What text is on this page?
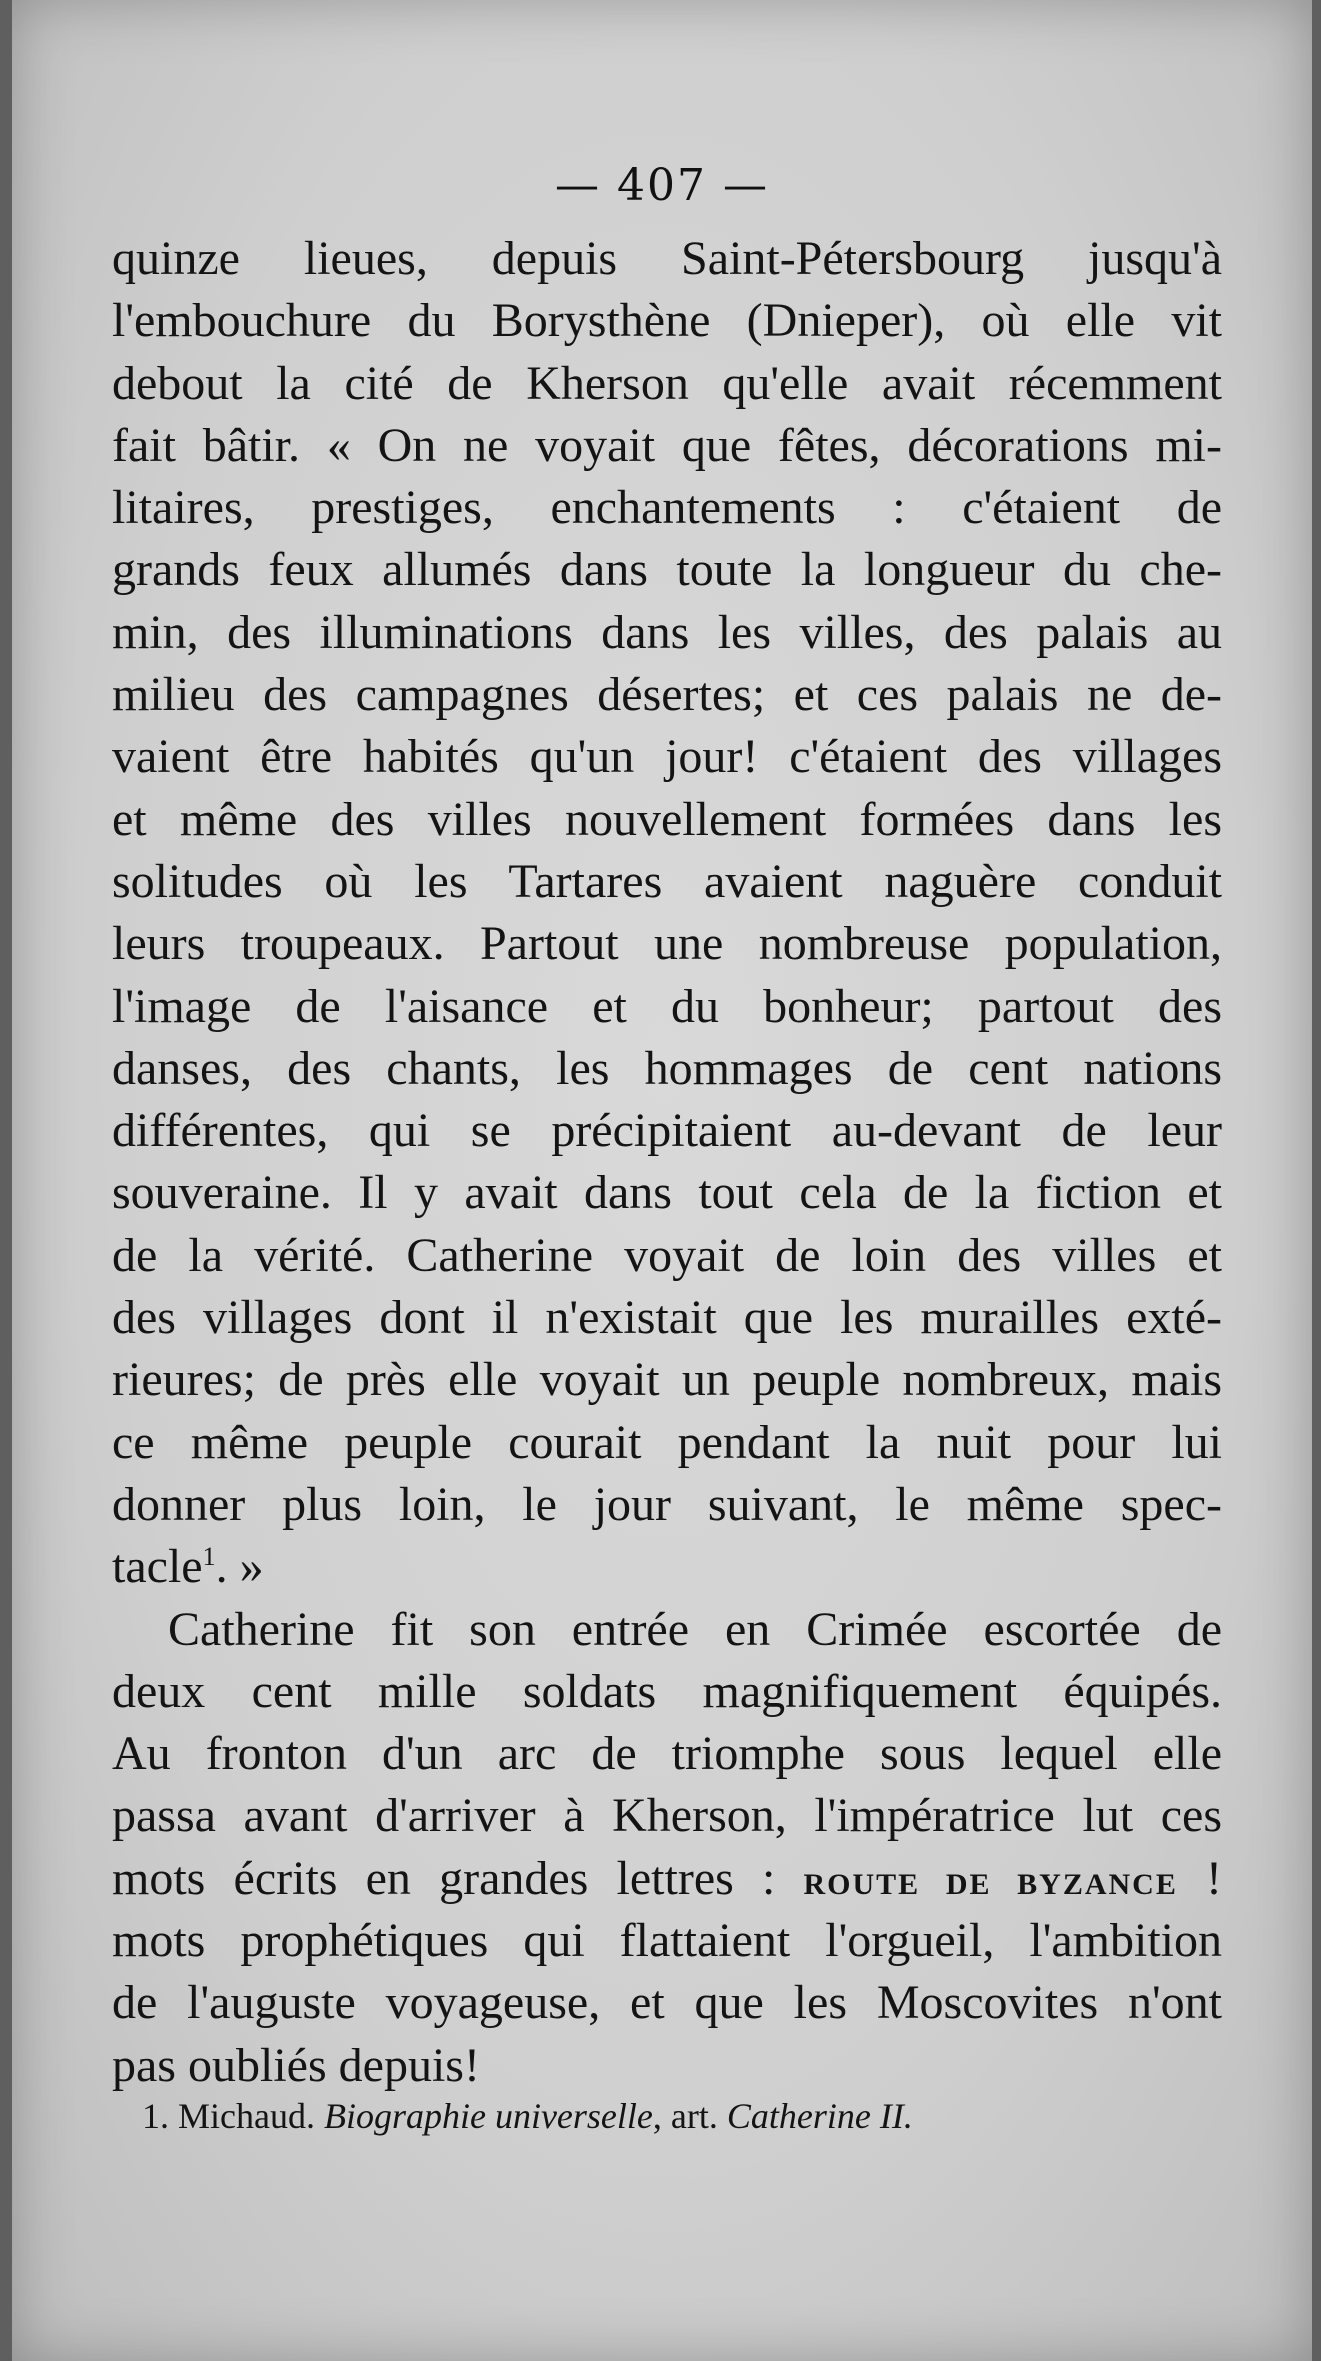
— 407 —
quinze lieues, depuis Saint-Pétersbourg jusqu'à
l'embouchure du Borysthène (Dnieper), où elle vit
debout la cité de Kherson qu'elle avait récemment
fait bâtir. « On ne voyait que fêtes, décorations mi-
litaires, prestiges, enchantements : c'étaient de
grands feux allumés dans toute la longueur du che-
min, des illuminations dans les villes, des palais au
milieu des campagnes désertes; et ces palais ne de-
vaient être habités qu'un jour! c'étaient des villages
et même des villes nouvellement formées dans les
solitudes où les Tartares avaient naguère conduit
leurs troupeaux. Partout une nombreuse population,
l'image de l'aisance et du bonheur; partout des
danses, des chants, les hommages de cent nations
différentes, qui se précipitaient au-devant de leur
souveraine. Il y avait dans tout cela de la fiction et
de la vérité. Catherine voyait de loin des villes et
des villages dont il n'existait que les murailles exté-
rieures; de près elle voyait un peuple nombreux, mais
ce même peuple courait pendant la nuit pour lui
donner plus loin, le jour suivant, le même spec-
tacle$^1$. »
Catherine fit son entrée en Crimée escortée de
deux cent mille soldats magnifiquement équipés.
Au fronton d'un arc de triomphe sous lequel elle
passa avant d'arriver à Kherson, l'impératrice lut ces
mots écrits en grandes lettres : ROUTE DE BYZANCE !
mots prophétiques qui flattaient l'orgueil, l'ambition
de l'auguste voyageuse, et que les Moscovites n'ont
pas oubliés depuis!
1. Michaud. Biographie universelle, art. Catherine II.
